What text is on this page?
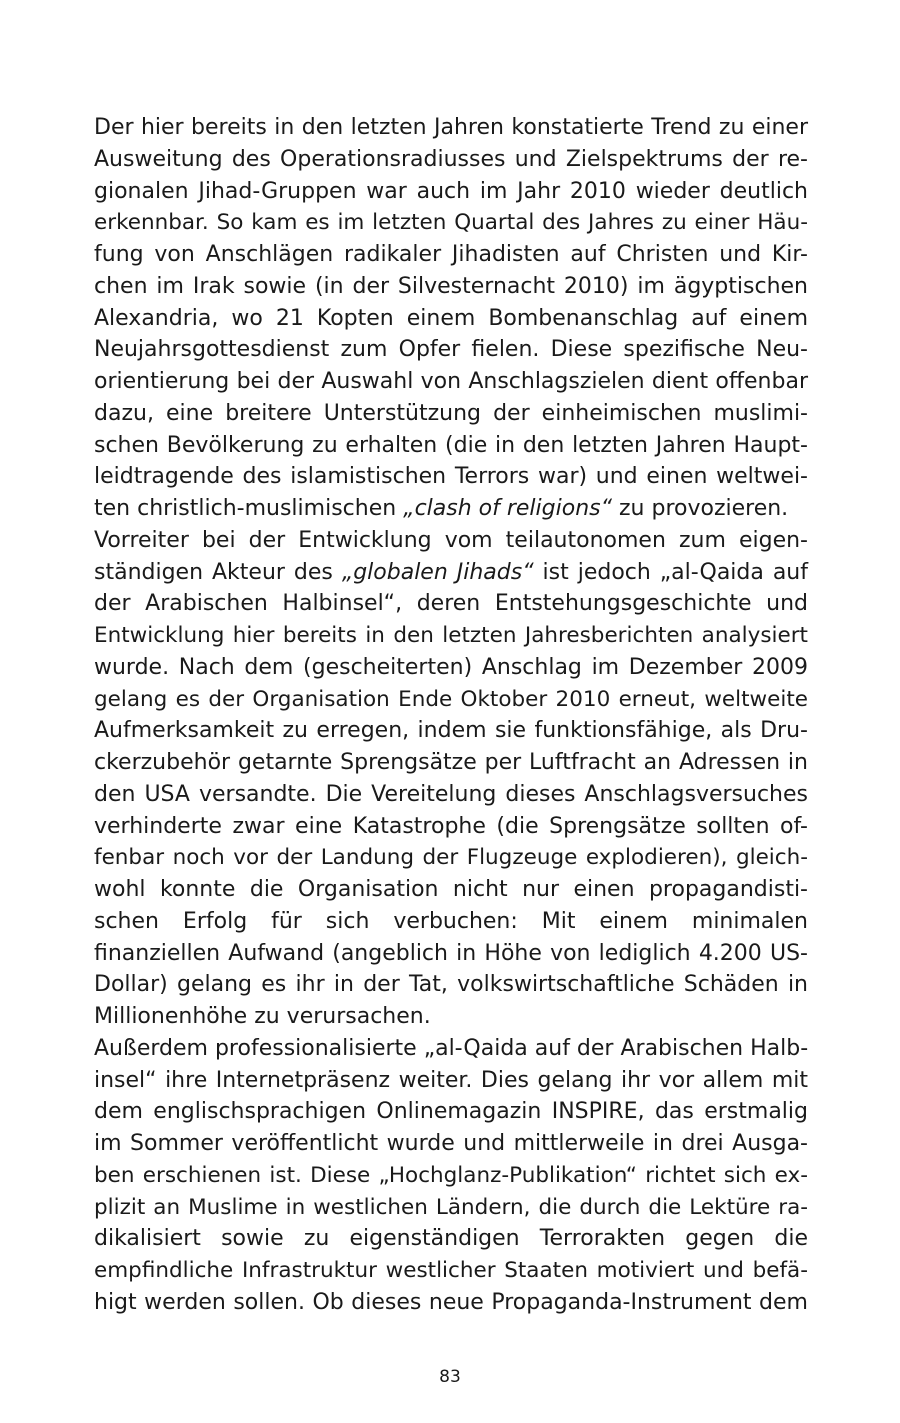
Der hier bereits in den letzten Jahren konstatierte Trend zu einer
Ausweitung des Operationsradiusses und Zielspektrums der re-
gionalen Jihad-Gruppen war auch im Jahr 2010 wieder deutlich
erkennbar. So kam es im letzten Quartal des Jahres zu einer Häu-
fung von Anschlägen radikaler Jihadisten auf Christen und Kir-
chen im Irak sowie (in der Silvesternacht 2010) im ägyptischen
Alexandria, wo 21 Kopten einem Bombenanschlag auf einem
Neujahrsgottesdienst zum Opfer fielen. Diese spezifische Neu-
orientierung bei der Auswahl von Anschlagszielen dient offenbar
dazu, eine breitere Unterstützung der einheimischen muslimi-
schen Bevölkerung zu erhalten (die in den letzten Jahren Haupt-
leidtragende des islamistischen Terrors war) und einen weltwei-
ten christlich-muslimischen „clash of religions“ zu provozieren.

Vorreiter bei der Entwicklung vom teilautonomen zum eigen-
ständigen Akteur des „globalen Jihads“ ist jedoch „al-Qaida auf
der Arabischen Halbinsel“, deren Entstehungsgeschichte und
Entwicklung hier bereits in den letzten Jahresberichten analysiert
wurde. Nach dem (gescheiterten) Anschlag im Dezember 2009
gelang es der Organisation Ende Oktober 2010 erneut, weltweite
Aufmerksamkeit zu erregen, indem sie funktionsfähige, als Dru-
ckerzubehör getarnte Sprengsätze per Luftfracht an Adressen in
den USA versandte. Die Vereitelung dieses Anschlagsversuches
verhinderte zwar eine Katastrophe (die Sprengsätze sollten of-
fenbar noch vor der Landung der Flugzeuge explodieren), gleich-
wohl konnte die Organisation nicht nur einen propagandisti-
schen Erfolg für sich verbuchen: Mit einem minimalen
finanziellen Aufwand (angeblich in Höhe von lediglich 4.200 US-
Dollar) gelang es ihr in der Tat, volkswirtschaftliche Schäden in
Millionenhöhe zu verursachen.

Außerdem professionalisierte „al-Qaida auf der Arabischen Halb-
insel“ ihre Internetpräsenz weiter. Dies gelang ihr vor allem mit
dem englischsprachigen Onlinemagazin INSPIRE, das erstmalig
im Sommer veröffentlicht wurde und mittlerweile in drei Ausga-
ben erschienen ist. Diese „Hochglanz-Publikation“ richtet sich ex-
plizit an Muslime in westlichen Ländern, die durch die Lektüre ra-
dikalisiert sowie zu eigenständigen Terrorakten gegen die
empfindliche Infrastruktur westlicher Staaten motiviert und befä-
higt werden sollen. Ob dieses neue Propaganda-Instrument dem

83
